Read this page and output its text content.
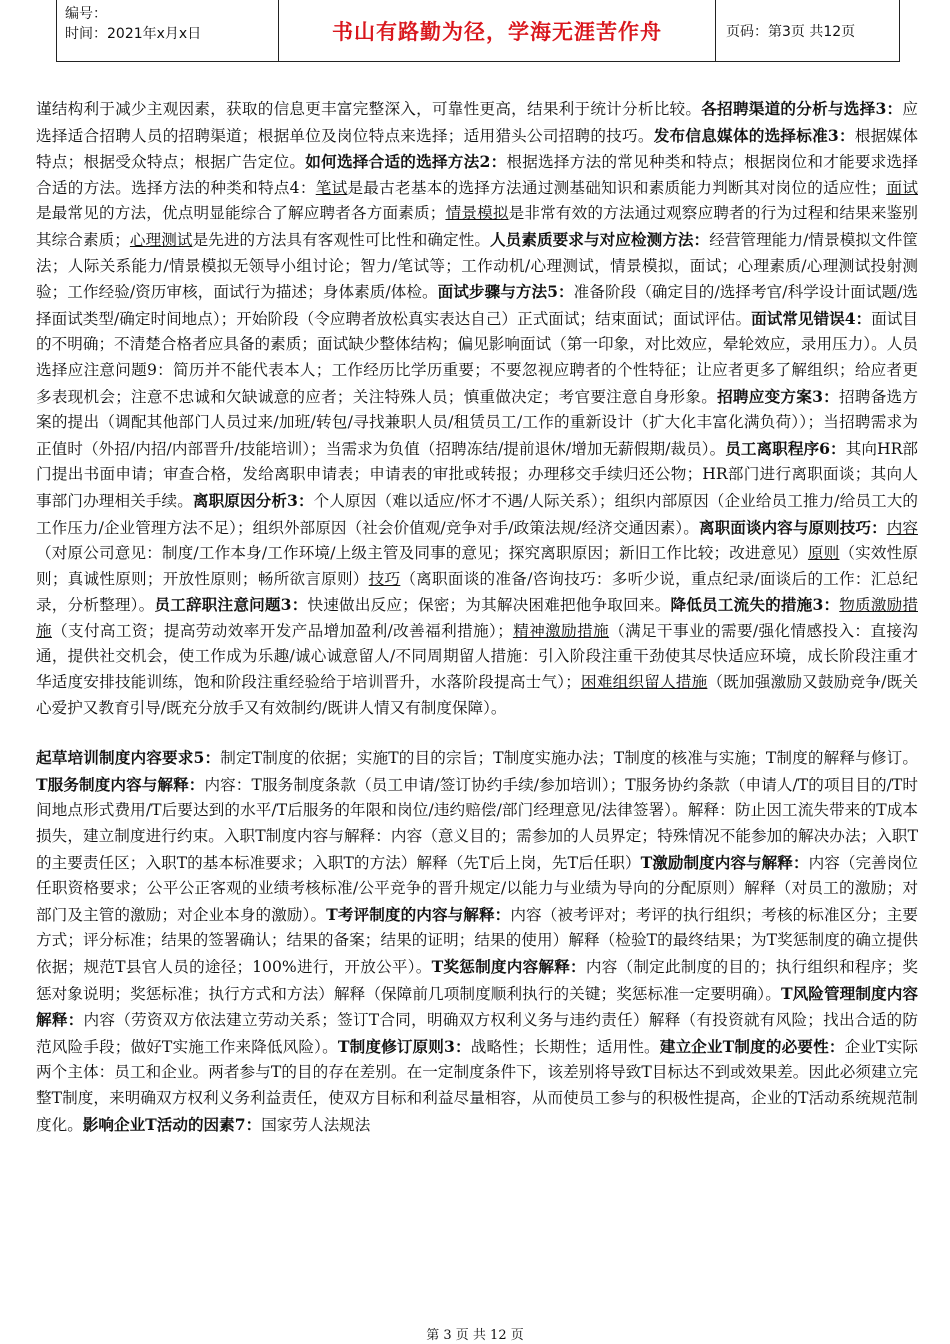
编号：
时间：2021年x月x日	书山有路勤为径，学海无涯苦作舟	页码：第3页 共12页

谨结构利于减少主观因素，获取的信息更丰富完整深入，可靠性更高，结果利于统计分析比较。各招聘渠道的分析与选择3：应选择适合招聘人员的招聘渠道；根据单位及岗位特点来选择；适用猎头公司招聘的技巧。发布信息媒体的选择标准3：根据媒体特点；根据受众特点；根据广告定位。如何选择合适的选择方法2：根据选择方法的常见种类和特点；根据岗位和才能要求选择合适的方法。选择方法的种类和特点4：笔试是最古老基本的选择方法通过测基础知识和素质能力判断其对岗位的适应性；面试是最常见的方法，优点明显能综合了解应聘者各方面素质；情景模拟是非常有效的方法通过观察应聘者的行为过程和结果来鉴别其综合素质；心理测试是先进的方法具有客观性可比性和确定性。人员素质要求与对应检测方法：经营管理能力/情景模拟文件筐法；人际关系能力/情景模拟无领导小组讨论；智力/笔试等；工作动机/心理测试，情景模拟，面试；心理素质/心理测试投射测验；工作经验/资历审核，面试行为描述；身体素质/体检。面试步骤与方法5：准备阶段（确定目的/选择考官/科学设计面试题/选择面试类型/确定时间地点）；开始阶段（令应聘者放松真实表达自己）正式面试；结束面试；面试评估。面试常见错误4：面试目的不明确；不清楚合格者应具备的素质；面试缺少整体结构；偏见影响面试（第一印象，对比效应，晕轮效应，录用压力）。人员选择应注意问题9：简历并不能代表本人；工作经历比学历重要；不要忽视应聘者的个性特征；让应者更多了解组织；给应者更多表现机会；注意不忠诚和欠缺诚意的应者；关注特殊人员；慎重做决定；考官要注意自身形象。招聘应变方案3：招聘备选方案的提出（调配其他部门人员过来/加班/转包/寻找兼职人员/租赁员工/工作的重新设计（扩大化丰富化满负荷））；当招聘需求为正值时（外招/内招/内部晋升/技能培训）；当需求为负值（招聘冻结/提前退休/增加无薪假期/裁员）。员工离职程序6：其向HR部门提出书面申请；审查合格，发给离职申请表；申请表的审批或转报；办理移交手续归还公物；HR部门进行离职面谈；其向人事部门办理相关手续。离职原因分析3：个人原因（难以适应/怀才不遇/人际关系）；组织内部原因（企业给员工推力/给员工大的工作压力/企业管理方法不足）；组织外部原因（社会价值观/竞争对手/政策法规/经济交通因素）。离职面谈内容与原则技巧：内容（对原公司意见：制度/工作本身/工作环境/上级主管及同事的意见；探究离职原因；新旧工作比较；改进意见）原则（实效性原则；真诚性原则；开放性原则；畅所欲言原则）技巧（离职面谈的准备/咨询技巧：多听少说，重点纪录/面谈后的工作：汇总纪录，分析整理）。员工辞职注意问题3：快速做出反应；保密；为其解决困难把他争取回来。降低员工流失的措施3：物质激励措施（支付高工资；提高劳动效率开发产品增加盈利/改善福利措施）；精神激励措施（满足干事业的需要/强化情感投入：直接沟通，提供社交机会，使工作成为乐趣/诚心诚意留人/不同周期留人措施：引入阶段注重干劲使其尽快适应环境，成长阶段注重才华适度安排技能训练，饱和阶段注重经验给于培训晋升，水落阶段提高士气）；困难组织留人措施（既加强激励又鼓励竞争/既关心爱护又教育引导/既充分放手又有效制约/既讲人情又有制度保障）。

起草培训制度内容要求5：制定T制度的依据；实施T的目的宗旨；T制度实施办法；T制度的核准与实施；T制度的解释与修订。T服务制度内容与解释：内容：T服务制度条款（员工申请/签订协约手续/参加培训）；T服务协约条款（申请人/T的项目目的/T时间地点形式费用/T后要达到的水平/T后服务的年限和岗位/违约赔偿/部门经理意见/法律签署）。解释：防止因工流失带来的T成本损失，建立制度进行约束。入职T制度内容与解释：内容（意义目的；需参加的人员界定；特殊情况不能参加的解决办法；入职T的主要责任区；入职T的基本标准要求；入职T的方法）解释（先T后上岗，先T后任职）T激励制度内容与解释：内容（完善岗位任职资格要求；公平公正客观的业绩考核标准/公平竞争的晋升规定/以能力与业绩为导向的分配原则）解释（对员工的激励；对部门及主管的激励；对企业本身的激励）。T考评制度的内容与解释：内容（被考评对；考评的执行组织；考核的标准区分；主要方式；评分标准；结果的签署确认；结果的备案；结果的证明；结果的使用）解释（检验T的最终结果；为T奖惩制度的确立提供依据；规范T县官人员的途径；100%进行，开放公平）。T奖惩制度内容解释：内容（制定此制度的目的；执行组织和程序；奖惩对象说明；奖惩标准；执行方式和方法）解释（保障前几项制度顺利执行的关键；奖惩标准一定要明确）。T风险管理制度内容解释：内容（劳资双方依法建立劳动关系；签订T合同，明确双方权利义务与违约责任）解释（有投资就有风险；找出合适的防范风险手段；做好T实施工作来降低风险）。T制度修订原则3：战略性；长期性；适用性。建立企业T制度的必要性：企业T实际两个主体：员工和企业。两者参与T的目的存在差别。在一定制度条件下，该差别将导致T目标达不到或效果差。因此必须建立完整T制度，来明确双方权利义务利益责任，使双方目标和利益尽量相容，从而使员工参与的积极性提高，企业的T活动系统规范制度化。影响企业T活动的因素7：国家劳人法规法

第 3 页 共 12 页
